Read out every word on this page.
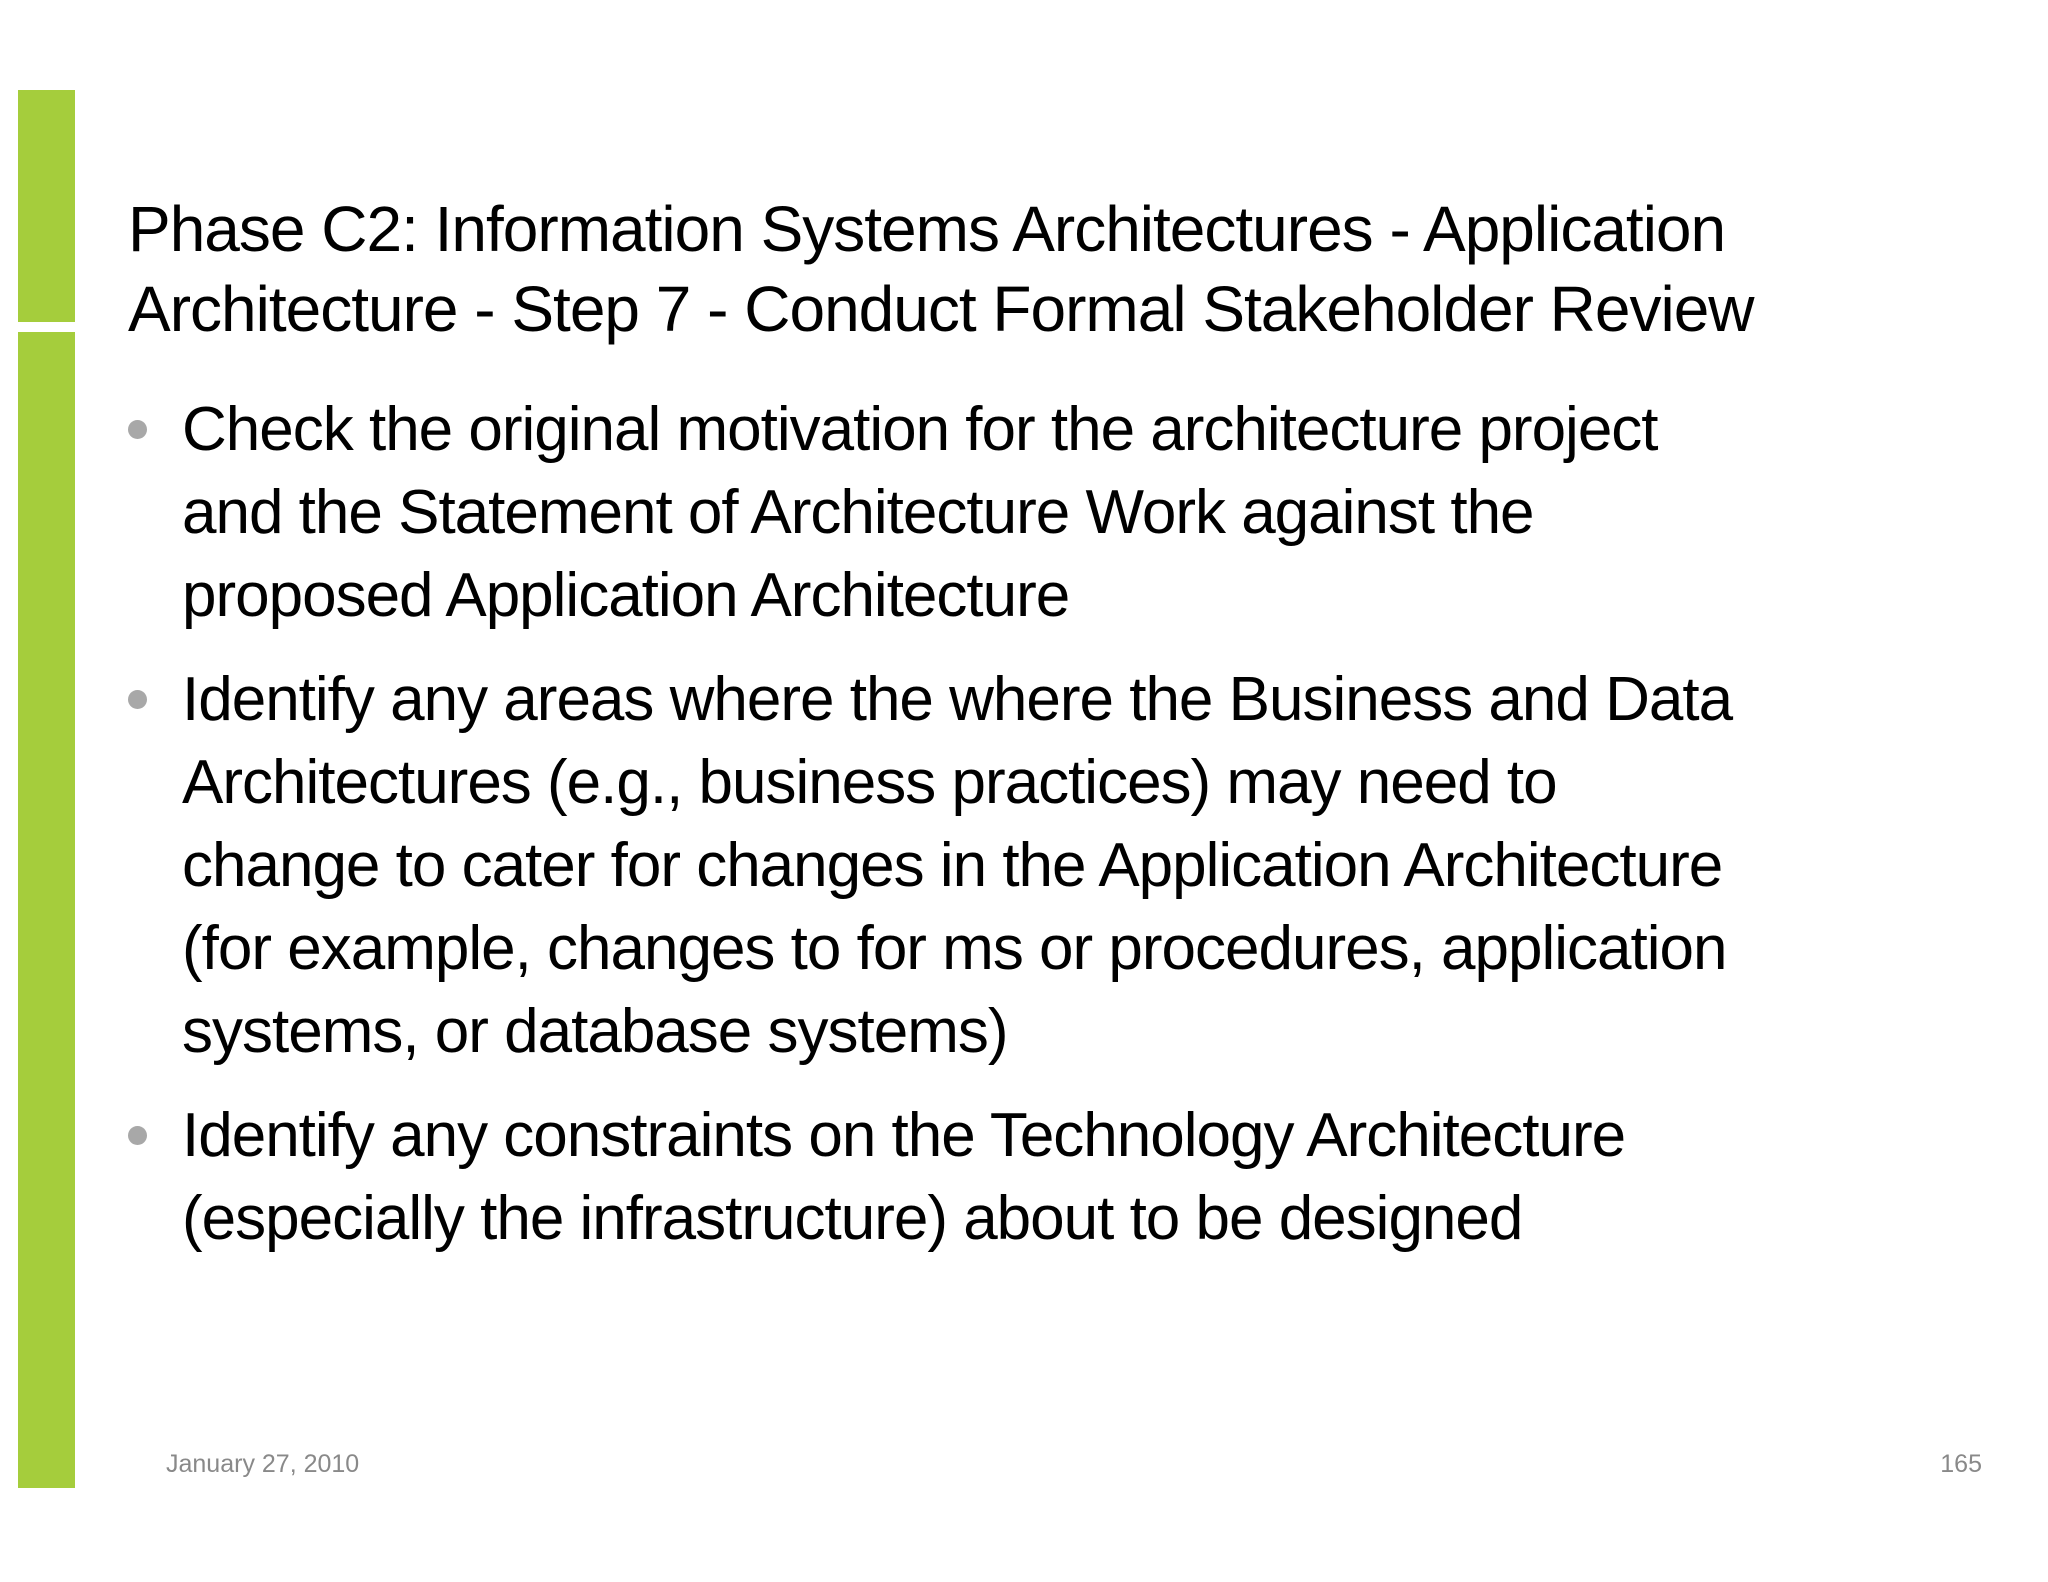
Phase C2: Information Systems Architectures - Application
Architecture - Step 7 - Conduct Formal Stakeholder Review
Check the original motivation for the architecture project
and the Statement of Architecture Work against the
proposed Application Architecture
Identify any areas where the where the Business and Data
Architectures (e.g., business practices) may need to
change to cater for changes in the Application Architecture
(for example, changes to for ms or procedures, application
systems, or database systems)
Identify any constraints on the Technology Architecture
(especially the infrastructure) about to be designed
January 27, 2010	165
